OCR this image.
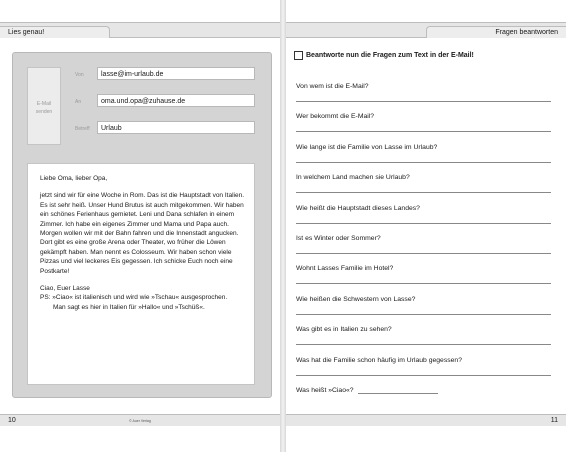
Lies genau!
E-Mail
senden
Von	lasse@im-urlaub.de
An	oma.und.opa@zuhause.de
Betreff	Urlaub

Liebe Oma, lieber Opa,

jetzt sind wir für eine Woche in Rom. Das ist die Hauptstadt von Italien. Es ist sehr heiß. Unser Hund Brutus ist auch mitgekommen. Wir haben ein schönes Ferienhaus gemietet. Leni und Dana schlafen in einem Zimmer. Ich habe ein eigenes Zimmer und Mama und Papa auch.

Morgen wollen wir mit der Bahn fahren und die Innenstadt angucken. Dort gibt es eine große Arena oder Theater, wo früher die Löwen gekämpft haben. Man nennt es Colosseum. Wir haben schon viele Pizzas und viel leckeres Eis gegessen. Ich schicke Euch noch eine Postkarte!

Ciao, Euer Lasse

PS: »Ciao« ist italienisch und wird wie »Tschau« ausgesprochen.

Man sagt es hier in Italien für »Hallo« und »Tschüß«.

© Auer Verlag
10
Fragen beantworten
Beantworte nun die Fragen zum Text in der E-Mail!
Von wem ist die E-Mail?
Wer bekommt die E-Mail?
Wie lange ist die Familie von Lasse im Urlaub?
In welchem Land machen sie Urlaub?
Wie heißt die Hauptstadt dieses Landes?
Ist es Winter oder Sommer?
Wohnt Lasses Familie im Hotel?
Wie heißen die Schwestern von Lasse?
Was gibt es in Italien zu sehen?
Was hat die Familie schon häufig im Urlaub gegessen?
Was heißt »Ciao«?
11
